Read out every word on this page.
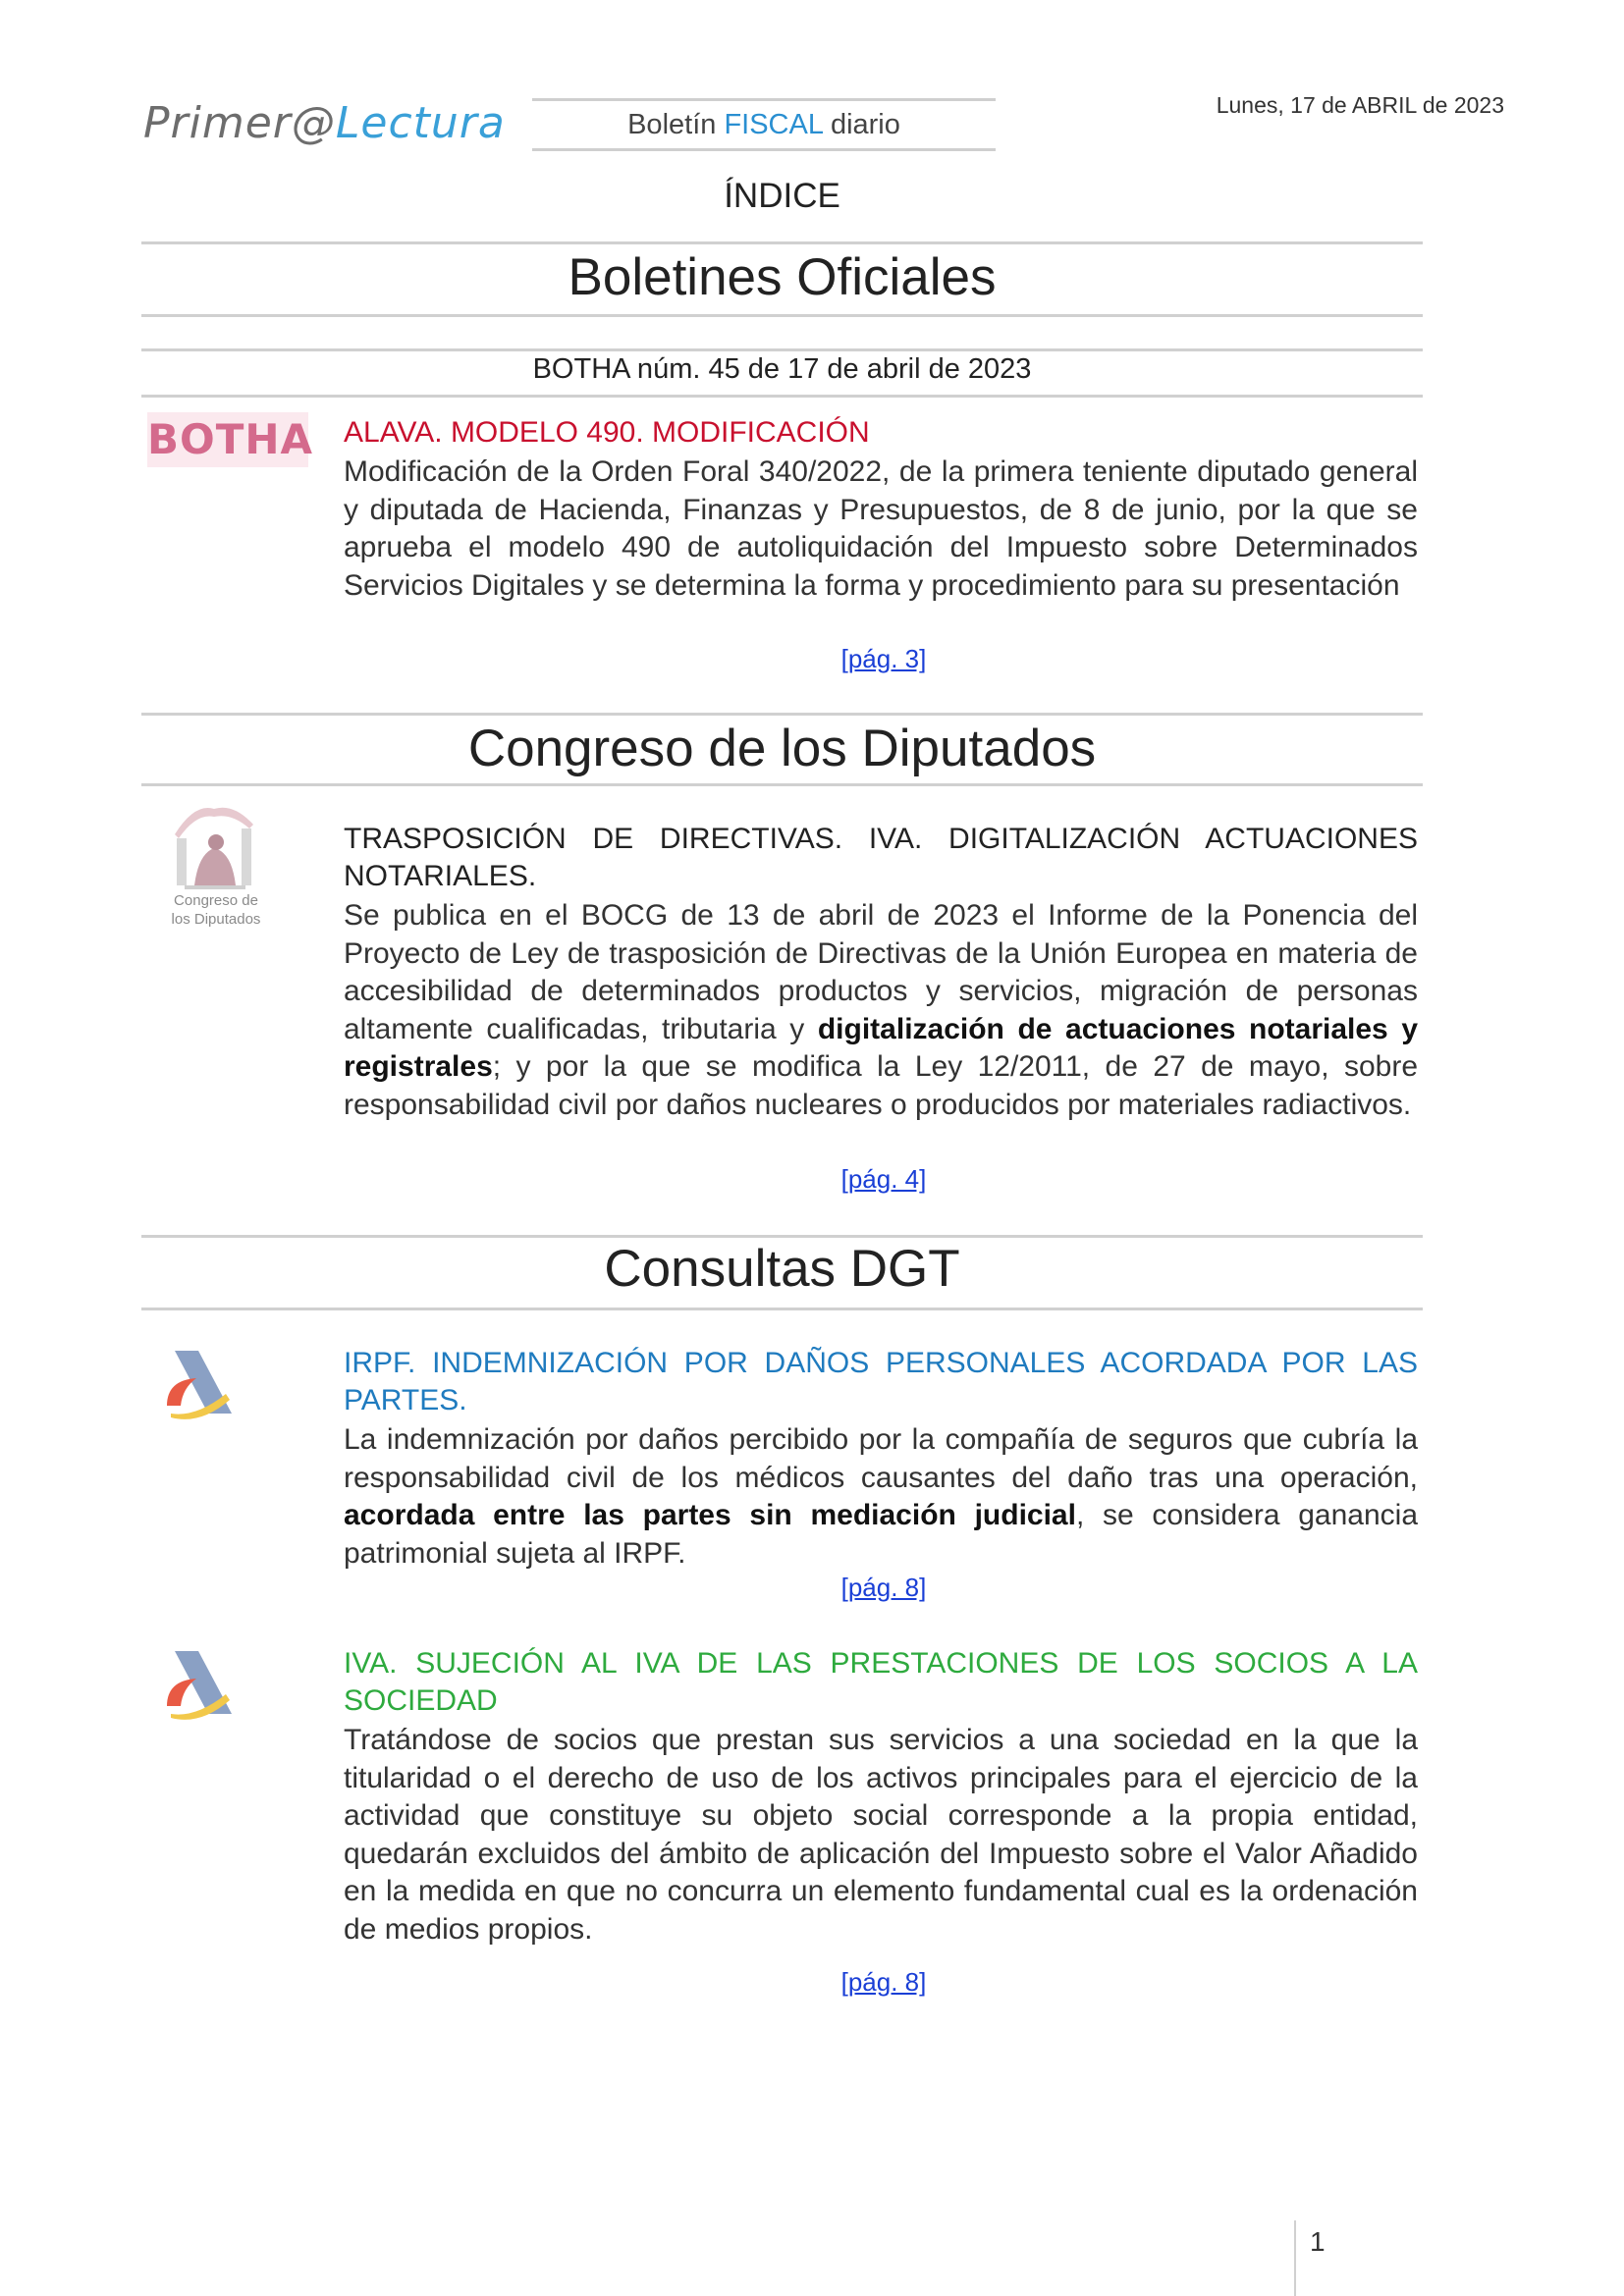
Primer@Lectura	Boletín FISCAL diario
Lunes, 17 de ABRIL de 2023
ÍNDICE
Boletines Oficiales
BOTHA núm. 45 de 17 de abril de 2023
BOTHA ALAVA. MODELO 490. MODIFICACIÓN
Modificación de la Orden Foral 340/2022, de la primera teniente diputado general y diputada de Hacienda, Finanzas y Presupuestos, de 8 de junio, por la que se aprueba el modelo 490 de autoliquidación del Impuesto sobre Determinados Servicios Digitales y se determina la forma y procedimiento para su presentación
[pág. 3]
Congreso de los Diputados
Congreso de
los Diputados
TRASPOSICIÓN DE DIRECTIVAS. IVA. DIGITALIZACIÓN ACTUACIONES NOTARIALES.
Se publica en el BOCG de 13 de abril de 2023 el Informe de la Ponencia del Proyecto de Ley de trasposición de Directivas de la Unión Europea en materia de accesibilidad de determinados productos y servicios, migración de personas altamente cualificadas, tributaria y digitalización de actuaciones notariales y registrales; y por la que se modifica la Ley 12/2011, de 27 de mayo, sobre responsabilidad civil por daños nucleares o producidos por materiales radiactivos.
[pág. 4]
Consultas DGT
IRPF. INDEMNIZACIÓN POR DAÑOS PERSONALES ACORDADA POR LAS PARTES.
La indemnización por daños percibido por la compañía de seguros que cubría la responsabilidad civil de los médicos causantes del daño tras una operación, acordada entre las partes sin mediación judicial, se considera ganancia patrimonial sujeta al IRPF.
[pág. 8]
IVA. SUJECIÓN AL IVA DE LAS PRESTACIONES DE LOS SOCIOS A LA SOCIEDAD
Tratándose de socios que prestan sus servicios a una sociedad en la que la titularidad o el derecho de uso de los activos principales para el ejercicio de la actividad que constituye su objeto social corresponde a la propia entidad, quedarán excluidos del ámbito de aplicación del Impuesto sobre el Valor Añadido en la medida en que no concurra un elemento fundamental cual es la ordenación de medios propios.
[pág. 8]
1
